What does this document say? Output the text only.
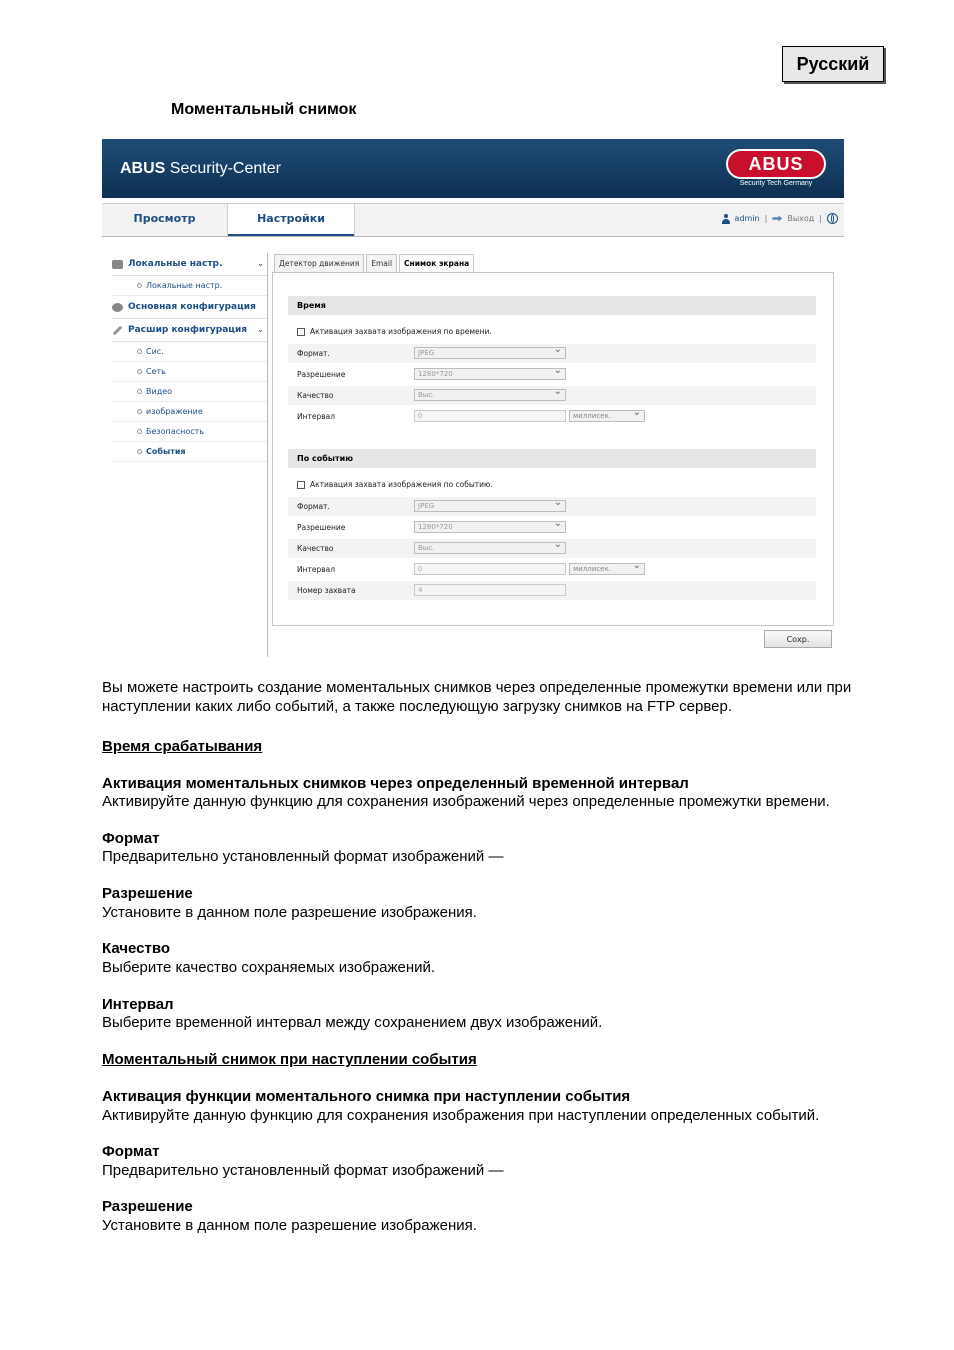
Русский
Моментальный снимок
ABUS Security-Center	ABUS
Security Tech Germany
Просмотр	Настройки	admin |	Выход |
Локальные настр.	⌄
Локальные настр.
Основная конфигурация
Расшир конфигурация ⌄
Сис.
Сеть
Видео
изображение
Безопасность
События
Детектор движения	Email	Снимок экрана
Время
Активация захвата изображения по времени.
Формат.	JPEG ⌄
Разрешение	1280*720 ⌄
Качество	Выс. ⌄
Интервал	0	миллисек. ⌄
По событию
Активация захвата изображения по событию.
Формат.	JPEG ⌄
Разрешение	1280*720 ⌄
Качество	Выс. ⌄
Интервал	0	миллисек. ⌄
Номер захвата	4
Сохр.
Вы можете настроить создание моментальных снимков через определенные промежутки времени или при наступлении каких либо событий, а также последующую загрузку снимков на FTP сервер.
Время срабатывания
Активация моментальных снимков через определенный временной интервал
Активируйте данную функцию для сохранения изображений через определенные промежутки времени.
Формат
Предварительно установленный формат изображений —
Разрешение
Установите в данном поле разрешение изображения.
Качество
Выберите качество сохраняемых изображений.
Интервал
Выберите временной интервал между сохранением двух изображений.
Моментальный снимок при наступлении события
Активация функции моментального снимка при наступлении события
Активируйте данную функцию для сохранения изображения при наступлении определенных событий.
Формат
Предварительно установленный формат изображений —
Разрешение
Установите в данном поле разрешение изображения.
